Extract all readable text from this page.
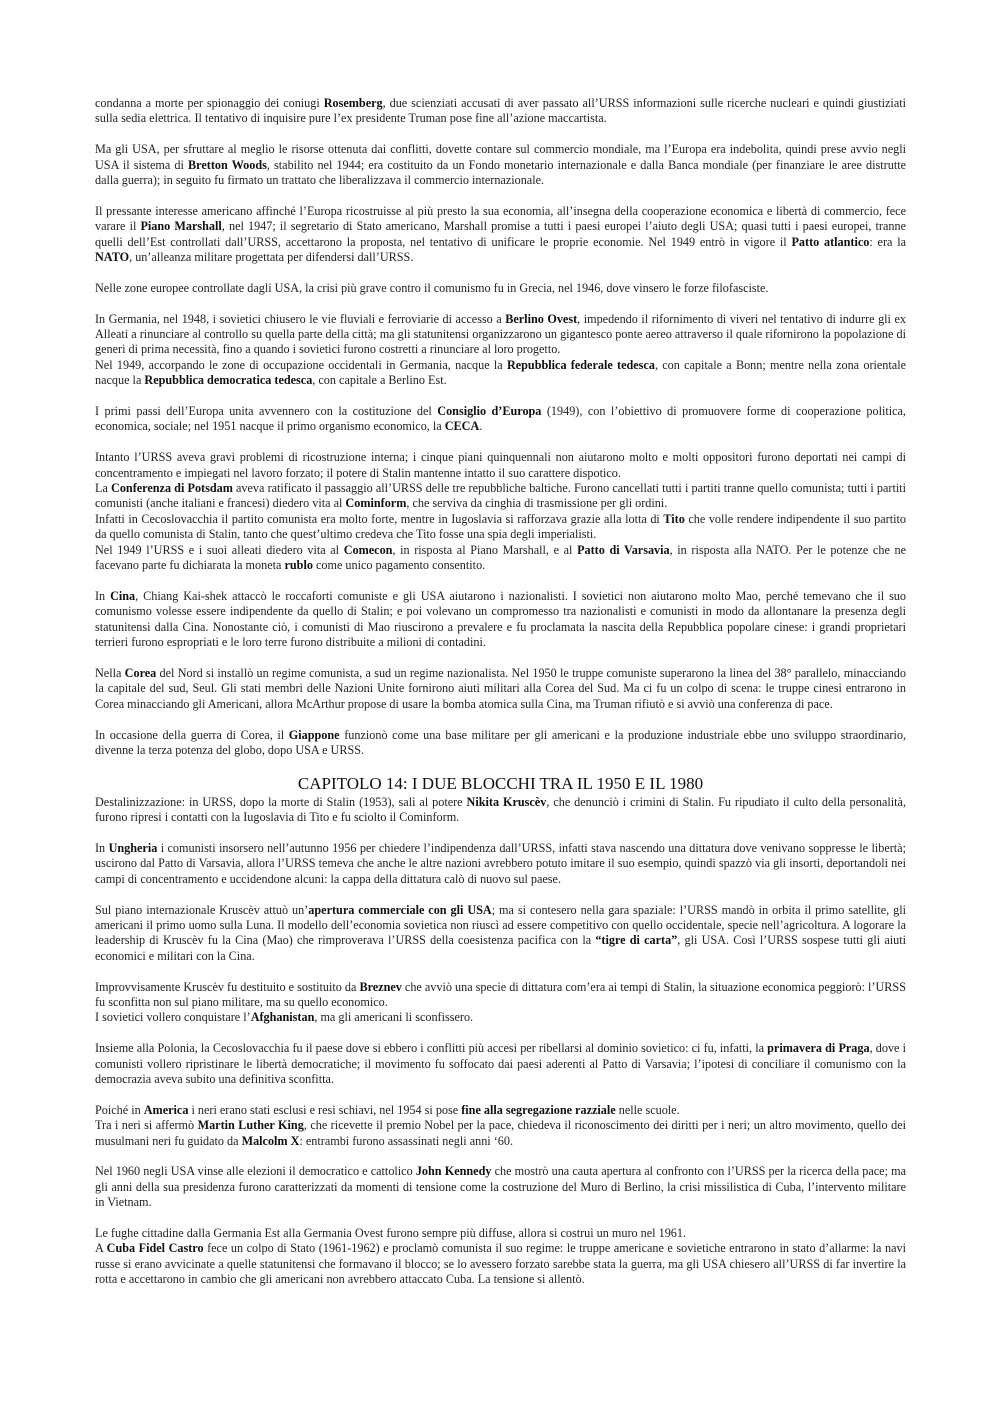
condanna a morte per spionaggio dei coniugi Rosemberg, due scienziati accusati di aver passato all’URSS informazioni sulle ricerche nucleari e quindi giustiziati sulla sedia elettrica. Il tentativo di inquisire pure l’ex presidente Truman pose fine all’azione maccartista.

Ma gli USA, per sfruttare al meglio le risorse ottenuta dai conflitti, dovette contare sul commercio mondiale, ma l’Europa era indebolita, quindi prese avvio negli USA il sistema di Bretton Woods, stabilito nel 1944; era costituito da un Fondo monetario internazionale e dalla Banca mondiale (per finanziare le aree distrutte dalla guerra); in seguito fu firmato un trattato che liberalizzava il commercio internazionale.

Il pressante interesse americano affinché l’Europa ricostruisse al più presto la sua economia, all’insegna della cooperazione economica e libertà di commercio, fece varare il Piano Marshall, nel 1947; il segretario di Stato americano, Marshall promise a tutti i paesi europei l’aiuto degli USA; quasi tutti i paesi europei, tranne quelli dell’Est controllati dall’URSS, accettarono la proposta, nel tentativo di unificare le proprie economie. Nel 1949 entrò in vigore il Patto atlantico: era la NATO, un’alleanza militare progettata per difendersi dall’URSS.

Nelle zone europee controllate dagli USA, la crisi più grave contro il comunismo fu in Grecia, nel 1946, dove vinsero le forze filofasciste.

In Germania, nel 1948, i sovietici chiusero le vie fluviali e ferroviarie di accesso a Berlino Ovest, impedendo il rifornimento di viveri nel tentativo di indurre gli ex Alleati a rinunciare al controllo su quella parte della città; ma gli statunitensi organizzarono un gigantesco ponte aereo attraverso il quale rifornirono la popolazione di generi di prima necessità, fino a quando i sovietici furono costretti a rinunciare al loro progetto.

Nel 1949, accorpando le zone di occupazione occidentali in Germania, nacque la Repubblica federale tedesca, con capitale a Bonn; mentre nella zona orientale nacque la Repubblica democratica tedesca, con capitale a Berlino Est.

I primi passi dell’Europa unita avvennero con la costituzione del Consiglio d’Europa (1949), con l’obiettivo di promuovere forme di cooperazione politica, economica, sociale; nel 1951 nacque il primo organismo economico, la CECA.

Intanto l’URSS aveva gravi problemi di ricostruzione interna; i cinque piani quinquennali non aiutarono molto e molti oppositori furono deportati nei campi di concentramento e impiegati nel lavoro forzato; il potere di Stalin mantenne intatto il suo carattere dispotico.

La Conferenza di Potsdam aveva ratificato il passaggio all’URSS delle tre repubbliche baltiche. Furono cancellati tutti i partiti tranne quello comunista; tutti i partiti comunisti (anche italiani e francesi) diedero vita al Cominform, che serviva da cinghia di trasmissione per gli ordini.

Infatti in Cecoslovacchia il partito comunista era molto forte, mentre in Iugoslavia si rafforzava grazie alla lotta di Tito che volle rendere indipendente il suo partito da quello comunista di Stalin, tanto che quest’ultimo credeva che Tito fosse una spia degli imperialisti.

Nel 1949 l’URSS e i suoi alleati diedero vita al Comecon, in risposta al Piano Marshall, e al Patto di Varsavia, in risposta alla NATO. Per le potenze che ne facevano parte fu dichiarata la moneta rublo come unico pagamento consentito.

In Cina, Chiang Kai-shek attaccò le roccaforti comuniste e gli USA aiutarono i nazionalisti. I sovietici non aiutarono molto Mao, perché temevano che il suo comunismo volesse essere indipendente da quello di Stalin; e poi volevano un compromesso tra nazionalisti e comunisti in modo da allontanare la presenza degli statunitensi dalla Cina. Nonostante ciò, i comunisti di Mao riuscirono a prevalere e fu proclamata la nascita della Repubblica popolare cinese: i grandi proprietari terrieri furono espropriati e le loro terre furono distribuite a milioni di contadini.

Nella Corea del Nord si installò un regime comunista, a sud un regime nazionalista. Nel 1950 le truppe comuniste superarono la linea del 38° parallelo, minacciando la capitale del sud, Seul. Gli stati membri delle Nazioni Unite fornirono aiuti militari alla Corea del Sud. Ma ci fu un colpo di scena: le truppe cinesi entrarono in Corea minacciando gli Americani, allora McArthur propose di usare la bomba atomica sulla Cina, ma Truman rifiutò e si avviò una conferenza di pace.

In occasione della guerra di Corea, il Giappone funzionò come una base militare per gli americani e la produzione industriale ebbe uno sviluppo straordinario, divenne la terza potenza del globo, dopo USA e URSS.

CAPITOLO 14: I DUE BLOCCHI TRA IL 1950 E IL 1980

Destalinizzazione: in URSS, dopo la morte di Stalin (1953), salì al potere Nikita Kruscèv, che denunciò i crimini di Stalin. Fu ripudiato il culto della personalità, furono ripresi i contatti con la Iugoslavia di Tito e fu sciolto il Cominform.

In Ungheria i comunisti insorsero nell’autunno 1956 per chiedere l’indipendenza dall’URSS, infatti stava nascendo una dittatura dove venivano soppresse le libertà; uscirono dal Patto di Varsavia, allora l’URSS temeva che anche le altre nazioni avrebbero potuto imitare il suo esempio, quindi spazzò via gli insorti, deportandoli nei campi di concentramento e uccidendone alcuni: la cappa della dittatura calò di nuovo sul paese.

Sul piano internazionale Kruscèv attuò un’apertura commerciale con gli USA; ma si contesero nella gara spaziale: l’URSS mandò in orbita il primo satellite, gli americani il primo uomo sulla Luna. Il modello dell’economia sovietica non riuscì ad essere competitivo con quello occidentale, specie nell’agricoltura. A logorare la leadership di Kruscèv fu la Cina (Mao) che rimproverava l’URSS della coesistenza pacifica con la “tigre di carta”, gli USA. Così l’URSS sospese tutti gli aiuti economici e militari con la Cina.

Improvvisamente Kruscèv fu destituito e sostituito da Breznev che avviò una specie di dittatura com’era ai tempi di Stalin, la situazione economica peggiorò: l’URSS fu sconfitta non sul piano militare, ma su quello economico.

I sovietici vollero conquistare l’Afghanistan, ma gli americani li sconfissero.

Insieme alla Polonia, la Cecoslovacchia fu il paese dove si ebbero i conflitti più accesi per ribellarsi al dominio sovietico: ci fu, infatti, la primavera di Praga, dove i comunisti vollero ripristinare le libertà democratiche; il movimento fu soffocato dai paesi aderenti al Patto di Varsavia; l’ipotesi di conciliare il comunismo con la democrazia aveva subito una definitiva sconfitta.

Poiché in America i neri erano stati esclusi e resi schiavi, nel 1954 si pose fine alla segregazione razziale nelle scuole.

Tra i neri si affermò Martin Luther King, che ricevette il premio Nobel per la pace, chiedeva il riconoscimento dei diritti per i neri; un altro movimento, quello dei musulmani neri fu guidato da Malcolm X: entrambi furono assassinati negli anni ‘60.

Nel 1960 negli USA vinse alle elezioni il democratico e cattolico John Kennedy che mostrò una cauta apertura al confronto con l’URSS per la ricerca della pace; ma gli anni della sua presidenza furono caratterizzati da momenti di tensione come la costruzione del Muro di Berlino, la crisi missilistica di Cuba, l’intervento militare in Vietnam.

Le fughe cittadine dalla Germania Est alla Germania Ovest furono sempre più diffuse, allora si costruì un muro nel 1961.

A Cuba Fidel Castro fece un colpo di Stato (1961-1962) e proclamò comunista il suo regime: le truppe americane e sovietiche entrarono in stato d’allarme: la navi russe si erano avvicinate a quelle statunitensi che formavano il blocco; se lo avessero forzato sarebbe stata la guerra, ma gli USA chiesero all’URSS di far invertire la rotta e accettarono in cambio che gli americani non avrebbero attaccato Cuba. La tensione si allentò.
